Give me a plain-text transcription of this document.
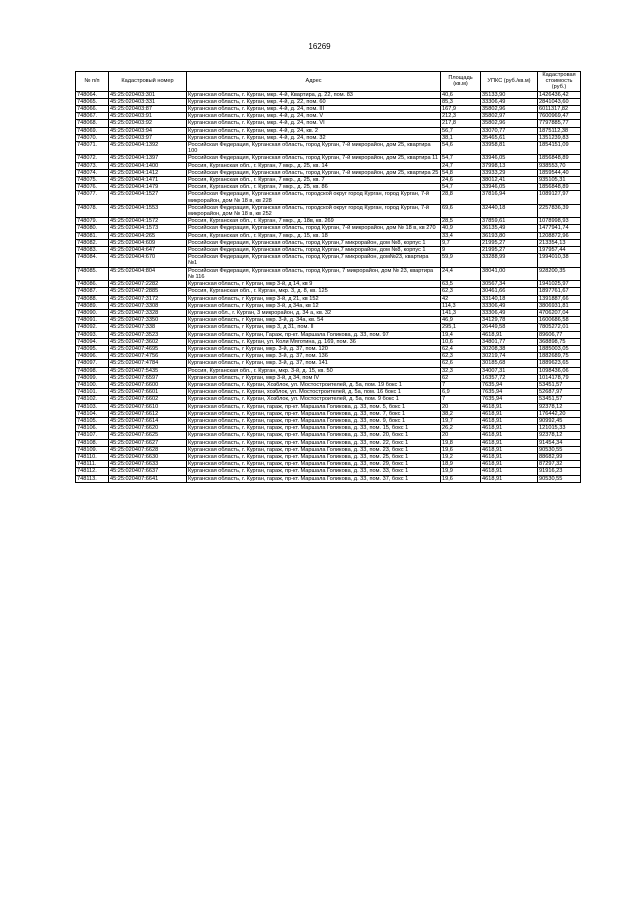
16269
№ п/п	Кадастровый номер	Адрес	Площадь (кв.м)	УПКС (руб./кв.м)	Кадастровая стоимость (руб.)
748064.	45:25:020403:301	Курганская область, г. Курган, мкр. 4-й, Квартира, д. 22, пом. 83	40,6	35133,90	1426436,42
748065.	45:25:020403:331	Курганская область, г. Курган, мкр. 4-й, д. 22, пом. 60	85,3	33306,49	2841043,60
748066.	45:25:020403:87	Курганская область, г. Курган, мкр. 4-й, д. 24, пом. III	167,9	35802,96	6011317,82
748067.	45:25:020403:91	Курганская область, г. Курган, мкр. 4-й, д. 24, пом. V	212,3	35802,97	7600969,47
748068.	45:25:020403:92	Курганская область, г. Курган, мкр. 4-й, д. 24, пом. VI	217,8	35802,96	7797885,77
748069.	45:25:020403:94	Курганская область, г. Курган, мкр. 4-й, д. 24, кв. 2	56,7	33070,77	1875112,38
748070.	45:25:020403:97	Курганская область, г. Курган, мкр. 4-й, д. 24, пом. 32	38,1	35465,61	1351239,83
748071.	45:25:020404:1392	Российская Федерация, Курганская область, город Курган, 7-й микрорайон, дом 25, квартира 100	54,6	33958,81	1854151,09
748072.	45:25:020404:1397	Российская Федерация, Курганская область, город Курган, 7-й микрорайон, дом 25, квартира 11	54,7	33946,05	1856848,89
748073.	45:25:020404:1400	Россия, Курганская обл., г. Курган, 7 мкр., д. 25, кв. 14	24,7	37998,13	938553,70
748074.	45:25:020404:1412	Российская Федерация, Курганская область, город Курган, 7-й микрорайон, дом 25, квартира 25	54,8	33933,29	1859544,40
748075.	45:25:020404:1471	Россия, Курганская обл., г. Курган, 7 мкр., д. 25, кв. 7	24,6	38012,41	935105,31
748076.	45:25:020404:1479	Россия, Курганская обл., г. Курган, 7 мкр., д. 25, кв. 86	54,7	33946,05	1856848,89
748077.	45:25:020404:1527	Российская Федерация, Курганская область, городской округ город Курган, город Курган, 7-й микрорайон, дом № 18 в, кв 228	28,8	37816,94	1089127,97
748078.	45:25:020404:1553	Российская Федерация, Курганская область, городской округ город Курган, город Курган, 7-й микрорайон, дом № 18 в, кв 252	69,6	32440,18	2257836,39
748079.	45:25:020404:1572	Россия, Курганская обл., г. Курган, 7 мкр., д. 18в, кв. 269	28,5	37859,61	1078998,93
748080.	45:25:020404:1573	Российская Федерация, Курганская область, город Курган, 7-й микрорайон, дом № 18 в, кв 270	40,9	36135,49	1477941,74
748081.	45:25:020404:265	Россия, Курганская обл., г. Курган, 7 мкр., д. 15, кв. 18	33,4	36193,80	1208872,96
748082.	45:25:020404:609	Российская Федерация, Курганская область, город Курган,7 микрорайон, дом №8, корпус 1	9,7	21995,27	213354,13
748083.	45:25:020404:647	Российская Федерация, Курганская область, город Курган,7 микрорайон, дом №8, корпус 1	9	21995,27	197957,44
748084.	45:25:020404:670	Российская Федерация, Курганская область, город Курган,7 микрорайон, дом№23, квартира №1	59,9	33288,99	1994010,38
748085.	45:25:020404:804	Российская Федерация, Курганская область, город Курган, 7 микрорайон, дом № 23, квартира № 116	24,4	38041,00	928200,35
748086.	45:25:020407:2282	Курганская область, г Курган, мкр 3-й, д 14, кв 9	63,5	30567,34	1941025,97
748087.	45:25:020407:2885	Россия, Курганская обл., г. Курган, мкр. 3, д. 8, кв. 125	62,3	30461,66	1897761,67
748088.	45:25:020407:3172	Курганская область, г Курган, мкр 3-й, д 21, кв 152	42	33140,18	1391887,66
748089.	45:25:020407:3308	Курганская область, г Курган, мкр 3-й, д 34а, кв 12	114,3	33306,49	3806931,81
748090.	45:25:020407:3328	Курганская обл., г. Курган, 3 микрорайон, д. 34 а, кв. 32	141,3	33306,49	4706207,04
748091.	45:25:020407:3350	Курганская область, г Курган, мкр. 3-й, д. 34а, кв. 54	46,9	34129,78	1600686,58
748092.	45:25:020407:338	Курганская область, г Курган, мкр 3, д 31, пом. II	295,1	26449,58	7805272,01
748093.	45:25:020407:3523	Курганская область, г Курган, Гараж, пр-кт. Маршала Голикова, д. 33, пом. 97	19,4	4618,91	89606,77
748094.	45:25:020407:3602	Курганская область, г. Курган, ул. Коли Мяготина, д. 169, пом. 36	10,6	34801,77	368898,75
748095.	45:25:020407:4695	Курганская область, г Курган, мкр. 3-й, д. 37, пом. 120	62,4	30208,38	1885003,05
748096.	45:25:020407:4756	Курганская область, г Курган, мкр. 3-й, д. 37, пом. 136	62,3	30219,74	1882689,75
748097.	45:25:020407:4784	Курганская область, г Курган, мкр. 3-й, д. 37, пом. 141	62,6	30185,68	1889623,65
748098.	45:25:020407:5435	Россия, Курганская обл., г. Курган, мкр. 3-й, д. 15, кв. 50	32,3	34007,31	1098436,06
748099.	45:25:020407:6597	Курганская область, г Курган, мкр 3-й, д 34, пом IV	62	16357,72	1014178,79
748100.	45:25:020407:6600	Курганская область, г. Курган, Хозблок, ул. Мостостроителей, д. 5а, пом. 19 бокс 1	7	7635,94	53451,57
748101.	45:25:020407:6601	Курганская область, г. Курган, хозблок, ул. Мостостроителей, д. 5а, пом. 16 бокс 1	6,9	7635,94	52687,97
748102.	45:25:020407:6602	Курганская область, г. Курган, Хозблок, ул. Мостостроителей, д. 5а, пом. 9 бокс 1	7	7635,94	53451,57
748103.	45:25:020407:6610	Курганская область, г. Курган, гараж, пр-кт. Маршала Голикова, д. 33, пом. 5, бокс 1	20	4618,91	92378,12
748104.	45:25:020407:6612	Курганская область, г. Курган, гараж, пр-кт. Маршала Голикова, д. 33, пом. 7, бокс 1	38,2	4618,91	176442,20
748105.	45:25:020407:6614	Курганская область, г. Курган, гараж, пр-кт. Маршала Голикова, д. 33, пом. 9, бокс 1	19,7	4618,91	90992,45
748106.	45:25:020407:6620	Курганская область, г. Курган, гараж, пр-кт. Маршала Голикова, д. 33, пом. 15, бокс 1	26,2	4618,91	121015,33
748107.	45:25:020407:6625	Курганская область, г. Курган, гараж, пр-кт. Маршала Голикова, д. 33, пом. 20, бокс 1	20	4618,91	92378,12
748108.	45:25:020407:6627	Курганская область, г. Курган, гараж, пр-кт. Маршала Голикова, д. 33, пом. 22, бокс 1	19,8	4618,91	91454,34
748109.	45:25:020407:6628	Курганская область, г. Курган, гараж, пр-кт. Маршала Голикова, д. 33, пом. 23, бокс 1	19,6	4618,91	90530,55
748110.	45:25:020407:6630	Курганская область, г. Курган, гараж, пр-кт. Маршала Голикова, д. 33, пом. 25, бокс 1	19,2	4618,91	88682,99
748111.	45:25:020407:6633	Курганская область, г. Курган, гараж, пр-кт. Маршала Голикова, д. 33, пом. 29, бокс 1	18,9	4618,91	87297,32
748112.	45:25:020407:6637	Курганская область, г. Курган, гараж, пр-кт. Маршала Голикова, д. 33, пом. 33, бокс 1	19,9	4618,91	91916,23
748113.	45:25:020407:6641	Курганская область, г. Курган, гараж, пр-кт. Маршала Голикова, д. 33, пом. 37, бокс 1	19,6	4618,91	90530,55
